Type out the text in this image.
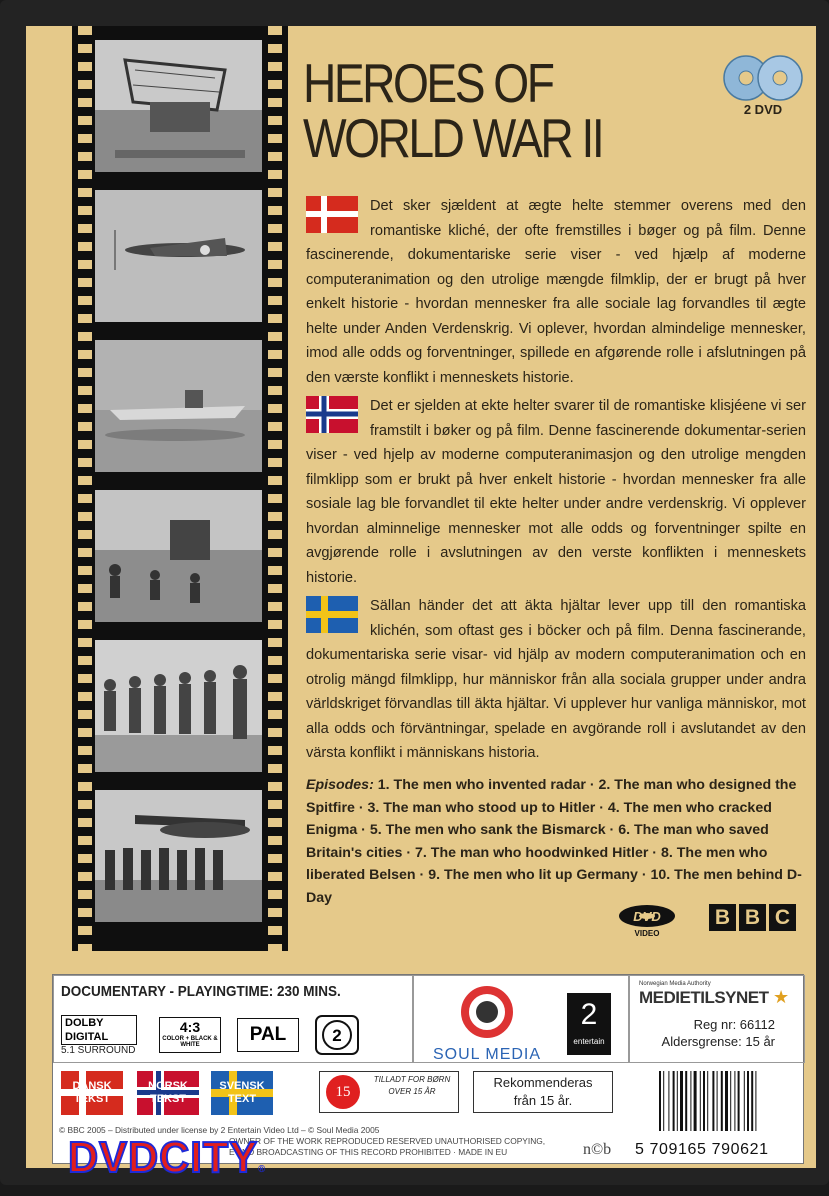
HEROES OF
WORLD WAR II	2 DVD
Det sker sjældent at ægte helte stemmer overens med den romantiske kliché, der ofte fremstilles i bøger og på film. Denne fascinerende, dokumentariske serie viser - ved hjælp af moderne computeranimation og den utrolige mængde filmklip, der er brugt på hver enkelt historie - hvordan mennesker fra alle sociale lag forvandles til ægte helte under Anden Verdenskrig. Vi oplever, hvordan almindelige mennesker, imod alle odds og forventninger, spillede en afgørende rolle i afslutningen på den værste konflikt i menneskets historie.
Det er sjelden at ekte helter svarer til de romantiske klisjéene vi ser framstilt i bøker og på film. Denne fascinerende dokumentar-serien viser - ved hjelp av moderne computeranimasjon og den utrolige mengden filmklipp som er brukt på hver enkelt historie - hvordan mennesker fra alle sosiale lag ble forvandlet til ekte helter under andre verdenskrig. Vi opplever hvordan alminnelige mennesker mot alle odds og forventninger spilte en avgjørende rolle i avslutningen av den verste konflikten i menneskets historie.
Sällan händer det att äkta hjältar lever upp till den romantiska klichén, som oftast ges i böcker och på film. Denna fascinerande, dokumentariska serie visar- vid hjälp av modern computeranimation och en otrolig mängd filmklipp, hur människor från alla sociala grupper under andra världskriget förvandlas till äkta hjältar. Vi upplever hur vanliga människor, mot alla odds och förväntningar, spelade en avgörande roll i avslutandet av den värsta konflikt i människans historia.
Episodes: 1. The men who invented radar · 2. The man who designed the Spitfire · 3. The man who stood up to Hitler · 4. The men who cracked Enigma · 5. The men who sank the Bismarck · 6. The man who saved Britain's cities · 7. The man who hoodwinked Hitler · 8. The men who liberated Belsen · 9. The men who lit up Germany · 10. The men behind D-Day
DVD
VIDEO
B B C
DOCUMENTARY - PLAYINGTIME: 230 MINS.
DOLBY DIGITAL
5.1 SURROUND
4:3
COLOR + BLACK & WHITE	PAL	2
SOUL MEDIA
2
entertain
Norwegian Media Authority
MEDIETILSYNET ★
Reg nr: 66112
Aldersgrense: 15 år
DANSK
TEKST
NORSK
TEKST
SVENSK
TEXT	15
TILLADT FOR BØRN OVER 15 ÅR
Rekommenderas
från 15 år.
5 709165 790621
© BBC 2005 – Distributed under license by 2 Entertain Video Ltd – © Soul Media 2005
OWNER OF THE WORK REPRODUCED RESERVED UNAUTHORISED COPYING,
E AND BROADCASTING OF THIS RECORD PROHIBITED · MADE IN EU	n©b
DVDCITY®
